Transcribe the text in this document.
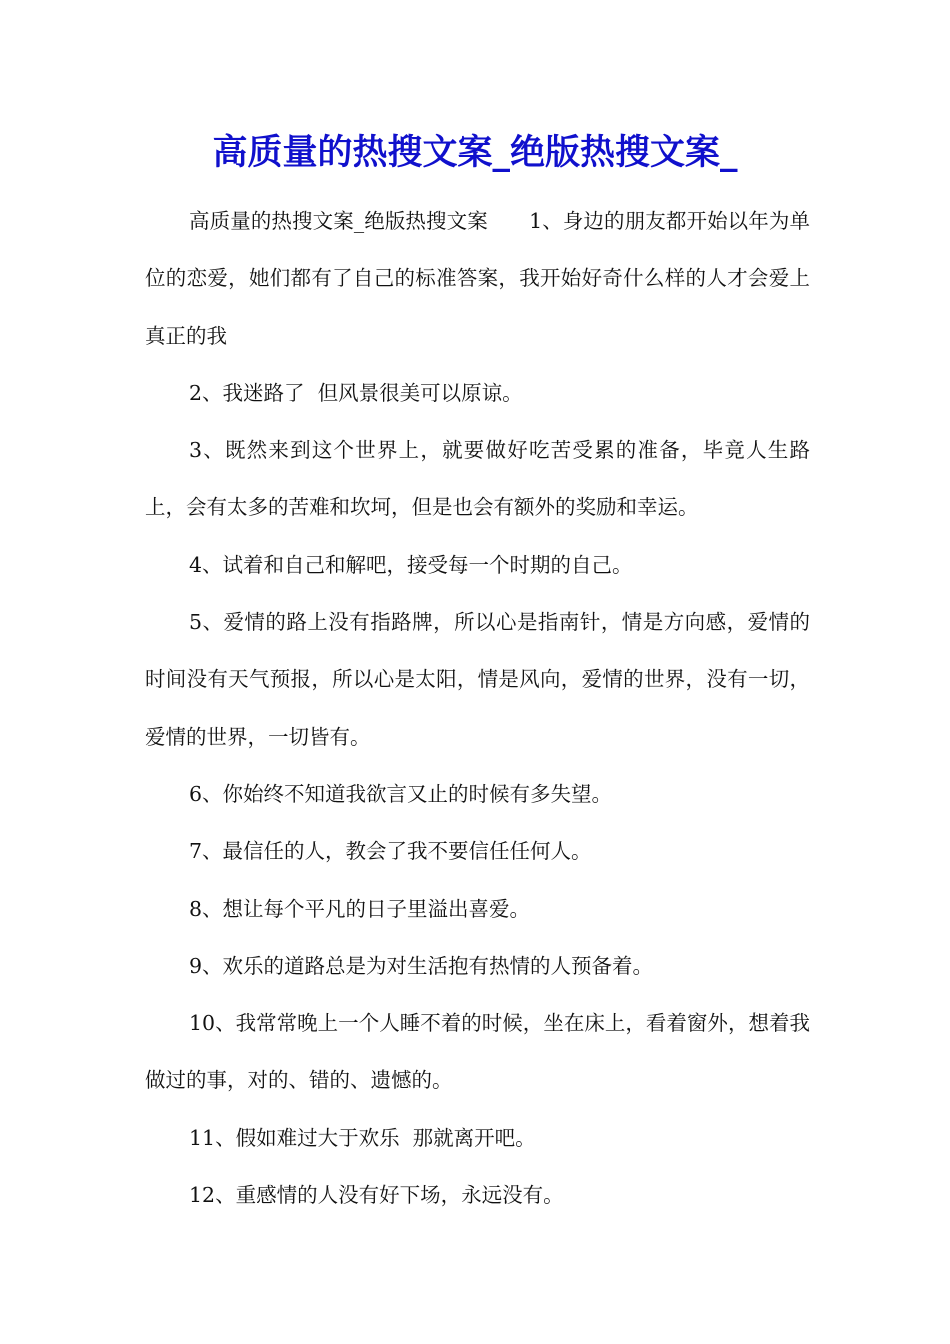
高质量的热搜文案_绝版热搜文案_

高质量的热搜文案_绝版热搜文案　　1、身边的朋友都开始以年为单位的恋爱，她们都有了自己的标准答案，我开始好奇什么样的人才会爱上真正的我

2、我迷路了  但风景很美可以原谅。

3、既然来到这个世界上，就要做好吃苦受累的准备，毕竟人生路上，会有太多的苦难和坎坷，但是也会有额外的奖励和幸运。

4、试着和自己和解吧，接受每一个时期的自己。

5、爱情的路上没有指路牌，所以心是指南针，情是方向感，爱情的时间没有天气预报，所以心是太阳，情是风向，爱情的世界，没有一切，爱情的世界，一切皆有。

6、你始终不知道我欲言又止的时候有多失望。

7、最信任的人，教会了我不要信任任何人。

8、想让每个平凡的日子里溢出喜爱。

9、欢乐的道路总是为对生活抱有热情的人预备着。

10、我常常晚上一个人睡不着的时候，坐在床上，看着窗外，想着我做过的事，对的、错的、遗憾的。

11、假如难过大于欢乐  那就离开吧。

12、重感情的人没有好下场，永远没有。
